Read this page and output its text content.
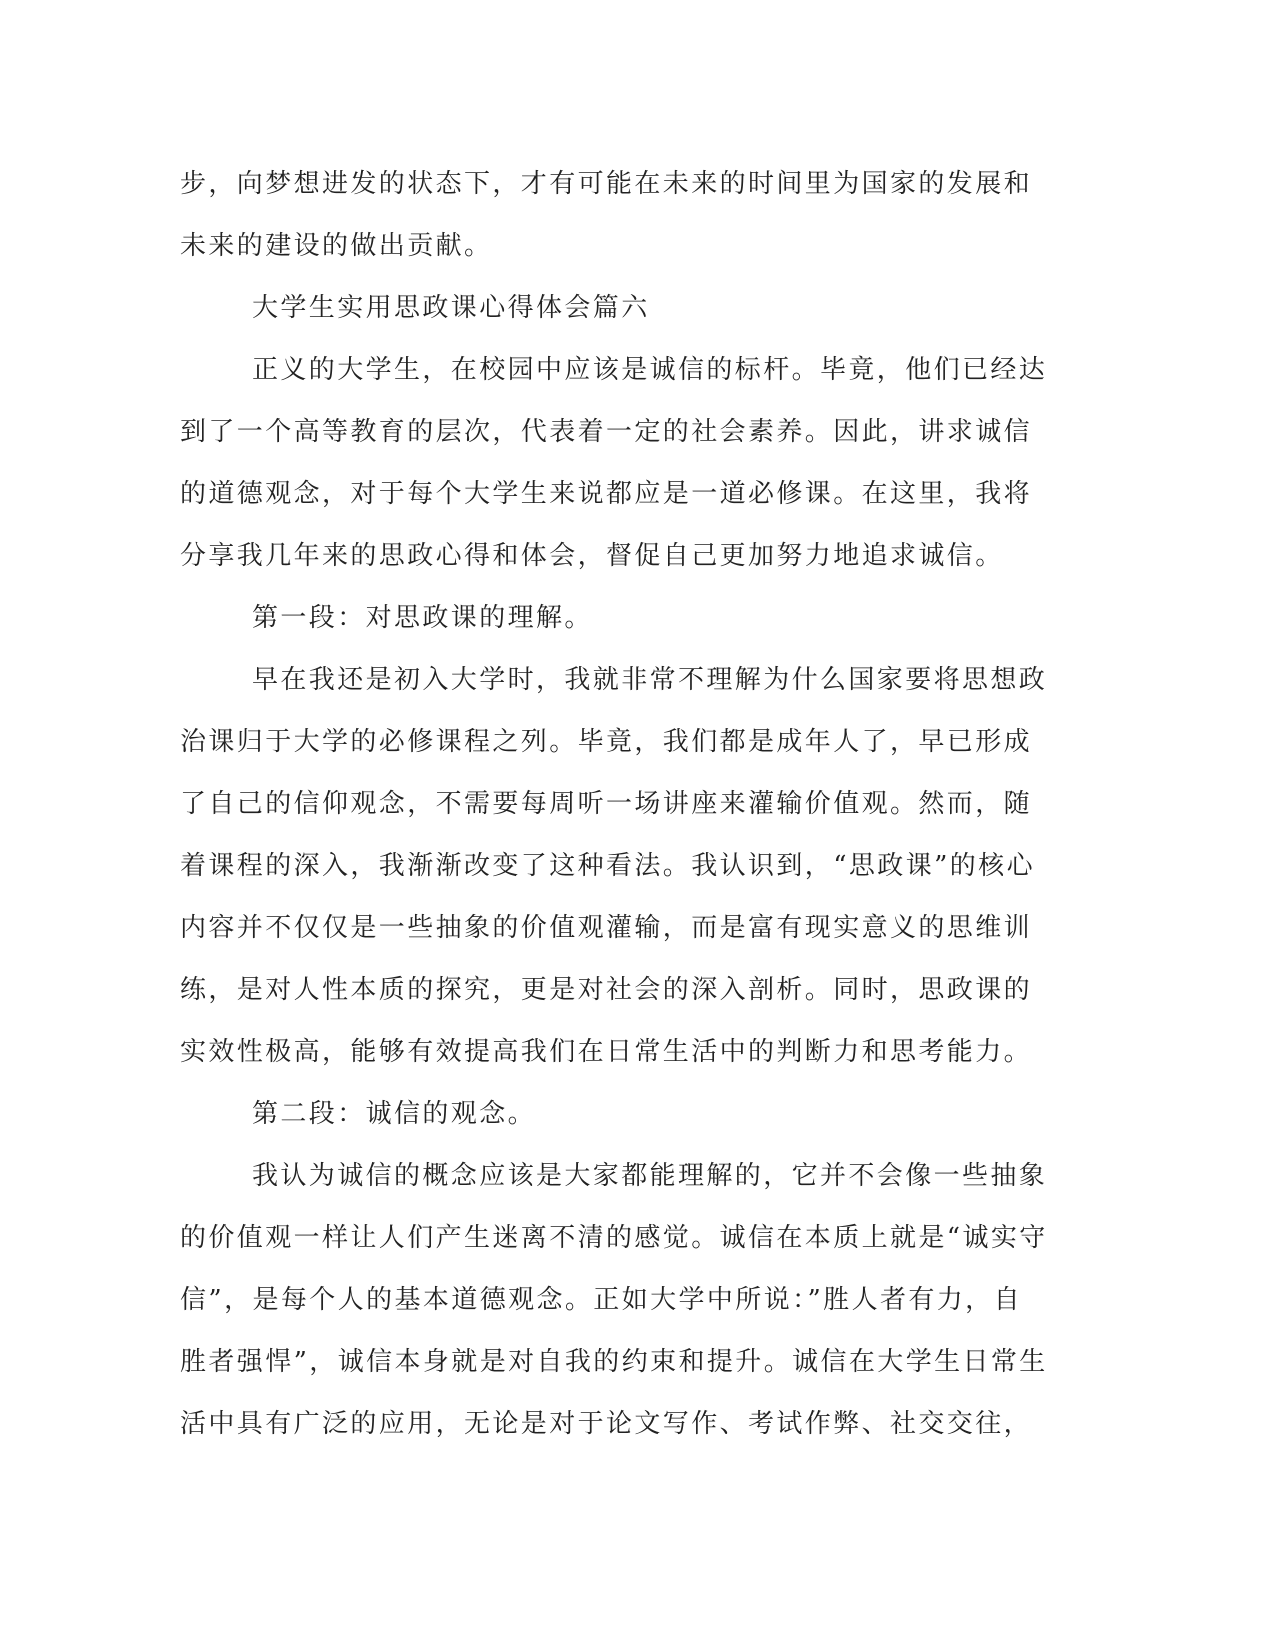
步，向梦想进发的状态下，才有可能在未来的时间里为国家的发展和
未来的建设的做出贡献。
大学生实用思政课心得体会篇六
正义的大学生，在校园中应该是诚信的标杆。毕竟，他们已经达
到了一个高等教育的层次，代表着一定的社会素养。因此，讲求诚信
的道德观念，对于每个大学生来说都应是一道必修课。在这里，我将
分享我几年来的思政心得和体会，督促自己更加努力地追求诚信。
第一段：对思政课的理解。
早在我还是初入大学时，我就非常不理解为什么国家要将思想政
治课归于大学的必修课程之列。毕竟，我们都是成年人了，早已形成
了自己的信仰观念，不需要每周听一场讲座来灌输价值观。然而，随
着课程的深入，我渐渐改变了这种看法。我认识到，“思政课”的核心
内容并不仅仅是一些抽象的价值观灌输，而是富有现实意义的思维训
练，是对人性本质的探究，更是对社会的深入剖析。同时，思政课的
实效性极高，能够有效提高我们在日常生活中的判断力和思考能力。
第二段：诚信的观念。
我认为诚信的概念应该是大家都能理解的，它并不会像一些抽象
的价值观一样让人们产生迷离不清的感觉。诚信在本质上就是“诚实守
信”，是每个人的基本道德观念。正如大学中所说：”胜人者有力，自
胜者强悍”，诚信本身就是对自我的约束和提升。诚信在大学生日常生
活中具有广泛的应用，无论是对于论文写作、考试作弊、社交交往，
